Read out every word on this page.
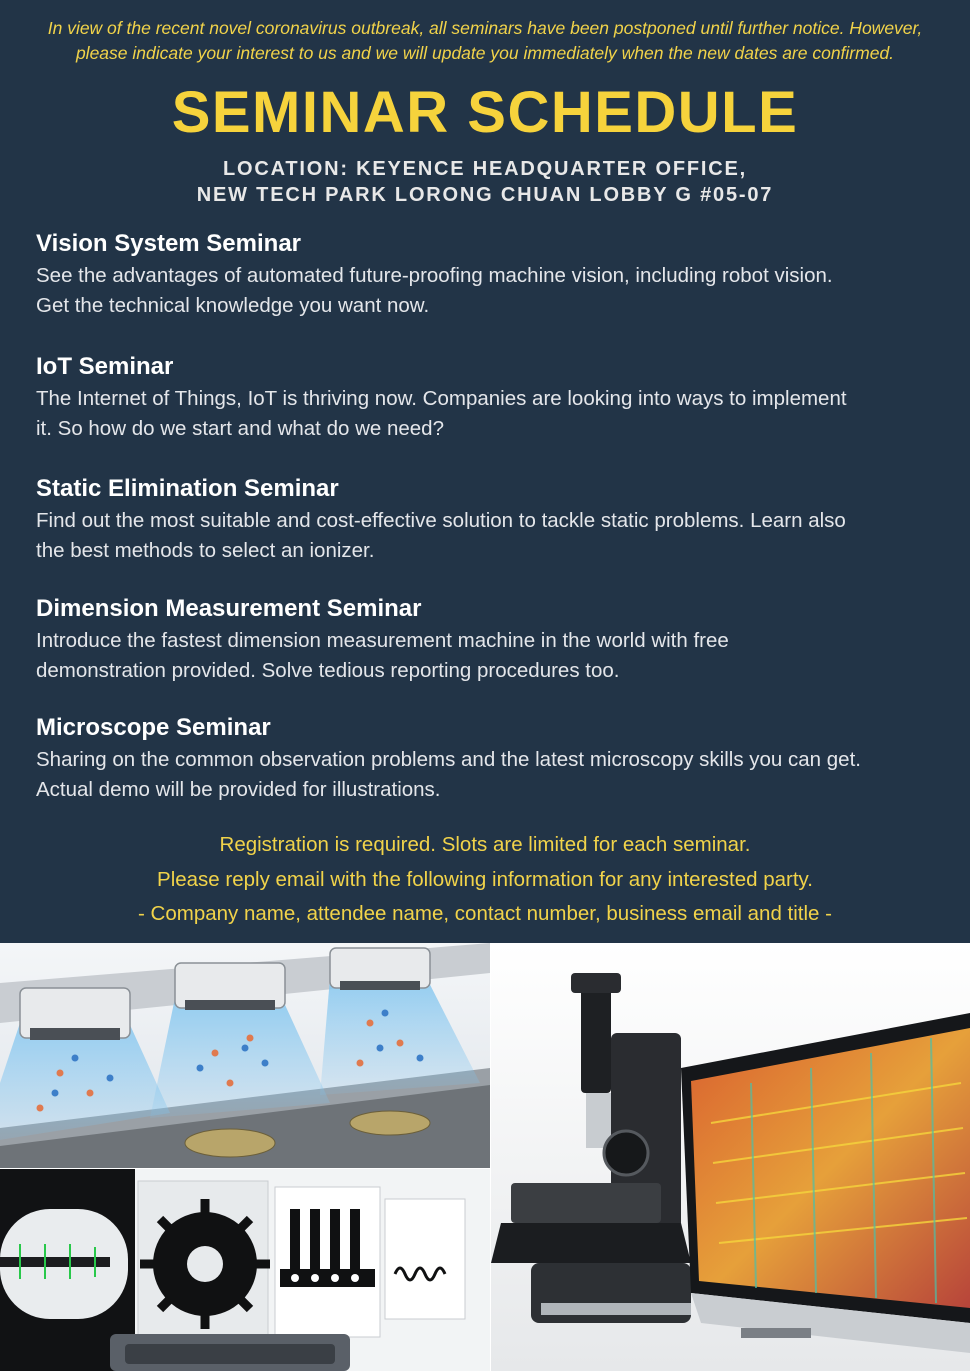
In view of the recent novel coronavirus outbreak, all seminars have been postponed until further notice. However,
please indicate your interest to us and we will update you immediately when the new dates are confirmed.

SEMINAR SCHEDULE
LOCATION: KEYENCE HEADQUARTER OFFICE,
NEW TECH PARK LORONG CHUAN LOBBY G #05-07
Vision System Seminar

See the advantages of automated future-proofing machine vision, including robot vision.
Get the technical knowledge you want now.

IoT Seminar

The Internet of Things, IoT is thriving now. Companies are looking into ways to implement
it. So how do we start and what do we need?

Static Elimination Seminar

Find out the most suitable and cost-effective solution to tackle static problems. Learn also
the best methods to select an ionizer.

Dimension Measurement Seminar

Introduce the fastest dimension measurement machine in the world with free
demonstration provided. Solve tedious reporting procedures too.

Microscope Seminar

Sharing on the common observation problems and the latest microscopy skills you can get.
Actual demo will be provided for illustrations.

Registration is required. Slots are limited for each seminar.
Please reply email with the following information for any interested party.
- Company name, attendee name, contact number, business email and title -
